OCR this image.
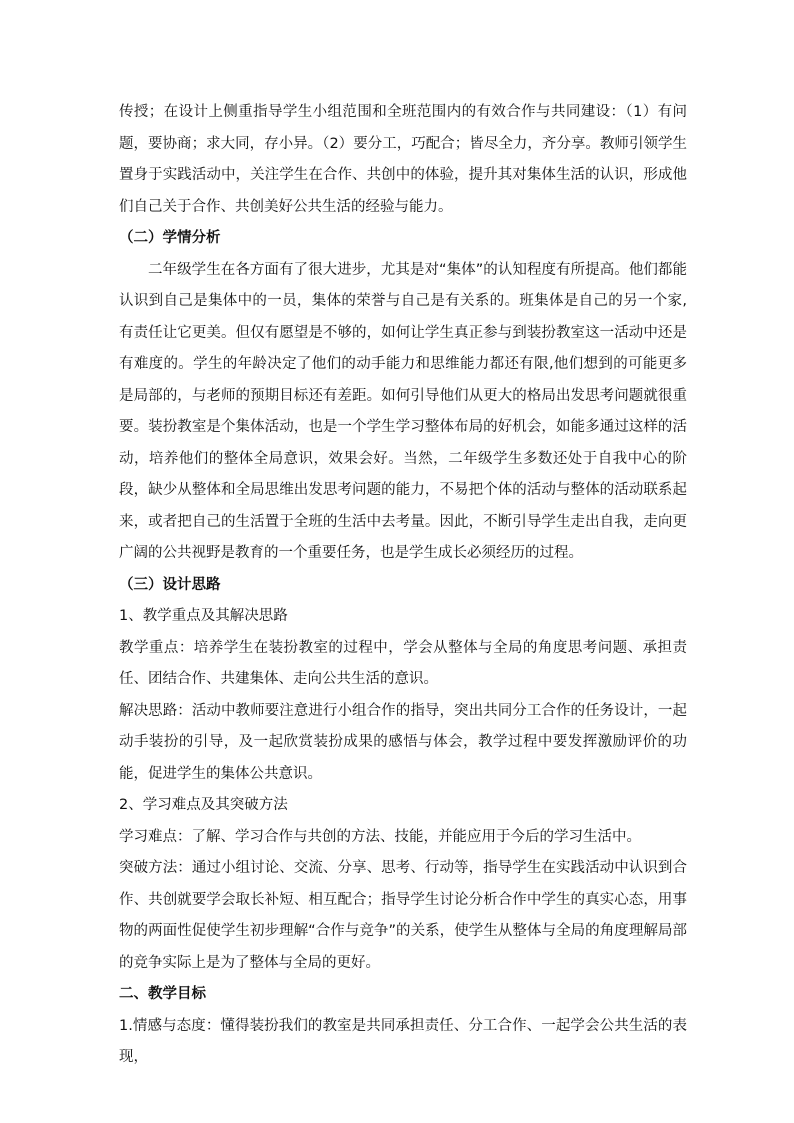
传授；在设计上侧重指导学生小组范围和全班范围内的有效合作与共同建设：（1）有问题，要协商；求大同，存小异。（2）要分工，巧配合；皆尽全力，齐分享。教师引领学生置身于实践活动中，关注学生在合作、共创中的体验，提升其对集体生活的认识，形成他们自己关于合作、共创美好公共生活的经验与能力。

（二）学情分析

二年级学生在各方面有了很大进步，尤其是对“集体”的认知程度有所提高。他们都能认识到自己是集体中的一员，集体的荣誉与自己是有关系的。班集体是自己的另一个家,有责任让它更美。但仅有愿望是不够的，如何让学生真正参与到装扮教室这一活动中还是有难度的。学生的年龄决定了他们的动手能力和思维能力都还有限,他们想到的可能更多是局部的，与老师的预期目标还有差距。如何引导他们从更大的格局出发思考问题就很重要。装扮教室是个集体活动，也是一个学生学习整体布局的好机会，如能多通过这样的活动，培养他们的整体全局意识，效果会好。当然，二年级学生多数还处于自我中心的阶段，缺少从整体和全局思维出发思考问题的能力，不易把个体的活动与整体的活动联系起来，或者把自己的生活置于全班的生活中去考量。因此，不断引导学生走出自我，走向更广阔的公共视野是教育的一个重要任务，也是学生成长必须经历的过程。

（三）设计思路

1、教学重点及其解决思路

教学重点：培养学生在装扮教室的过程中，学会从整体与全局的角度思考问题、承担责任、团结合作、共建集体、走向公共生活的意识。

解决思路：活动中教师要注意进行小组合作的指导，突出共同分工合作的任务设计，一起动手装扮的引导，及一起欣赏装扮成果的感悟与体会，教学过程中要发挥激励评价的功能，促进学生的集体公共意识。

2、学习难点及其突破方法

学习难点：了解、学习合作与共创的方法、技能，并能应用于今后的学习生活中。

突破方法：通过小组讨论、交流、分享、思考、行动等，指导学生在实践活动中认识到合作、共创就要学会取长补短、相互配合；指导学生讨论分析合作中学生的真实心态，用事物的两面性促使学生初步理解“合作与竞争”的关系，使学生从整体与全局的角度理解局部的竞争实际上是为了整体与全局的更好。

二、教学目标

1.情感与态度：懂得装扮我们的教室是共同承担责任、分工合作、一起学会公共生活的表现，
